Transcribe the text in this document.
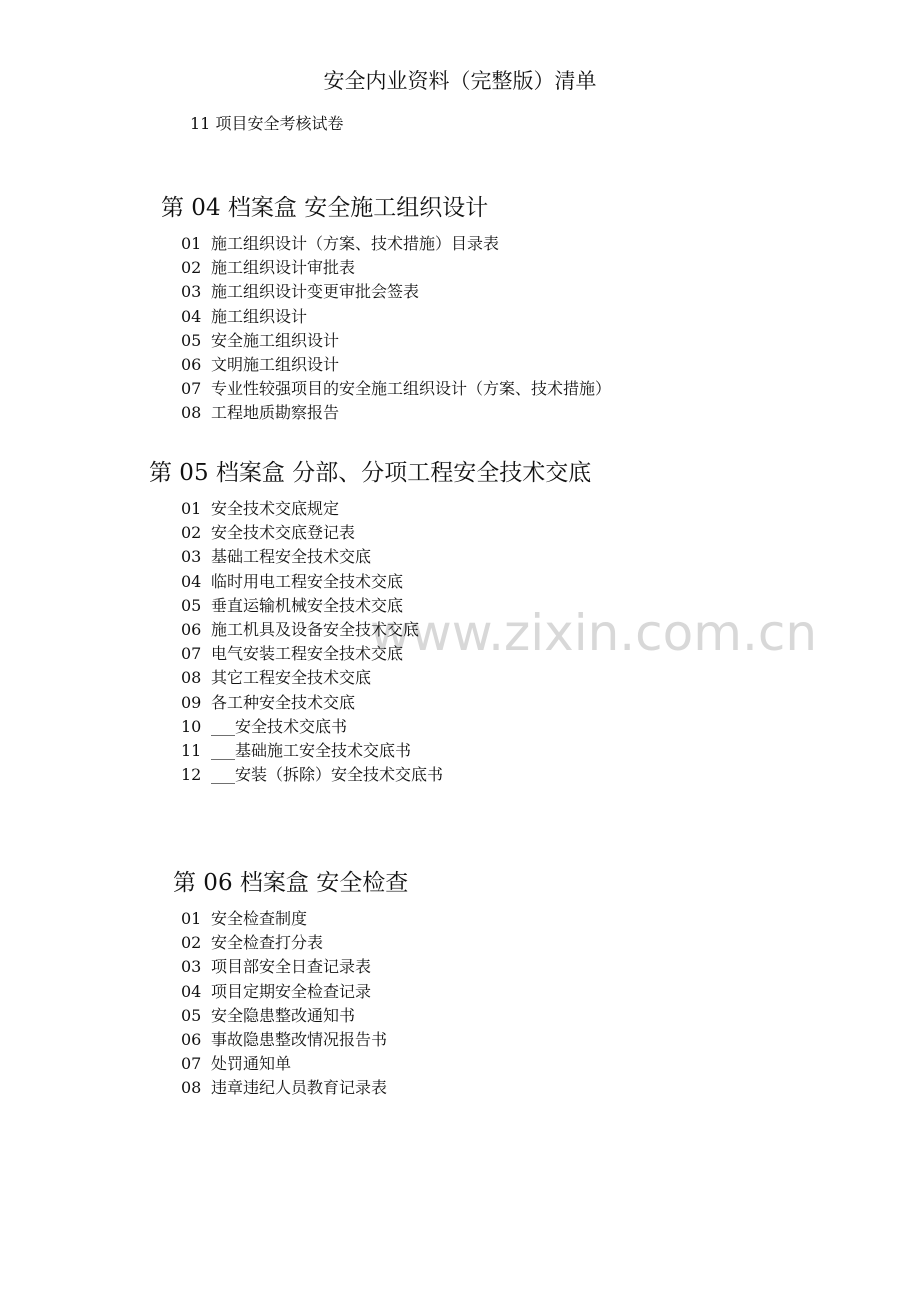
www.zixin.com.cn
安全内业资料（完整版）清单
11 项目安全考核试卷
第 04 档案盒 安全施工组织设计
01 施工组织设计（方案、技术措施）目录表
02 施工组织设计审批表
03 施工组织设计变更审批会签表
04 施工组织设计
05 安全施工组织设计
06 文明施工组织设计
07 专业性较强项目的安全施工组织设计（方案、技术措施）
08 工程地质勘察报告
第 05 档案盒 分部、分项工程安全技术交底
01 安全技术交底规定
02 安全技术交底登记表
03 基础工程安全技术交底
04 临时用电工程安全技术交底
05 垂直运输机械安全技术交底
06 施工机具及设备安全技术交底
07 电气安装工程安全技术交底
08 其它工程安全技术交底
09 各工种安全技术交底
10 ___安全技术交底书
11 ___基础施工安全技术交底书
12 ___安装（拆除）安全技术交底书
第 06 档案盒 安全检查
01 安全检查制度
02 安全检查打分表
03 项目部安全日查记录表
04 项目定期安全检查记录
05 安全隐患整改通知书
06 事故隐患整改情况报告书
07 处罚通知单
08 违章违纪人员教育记录表
